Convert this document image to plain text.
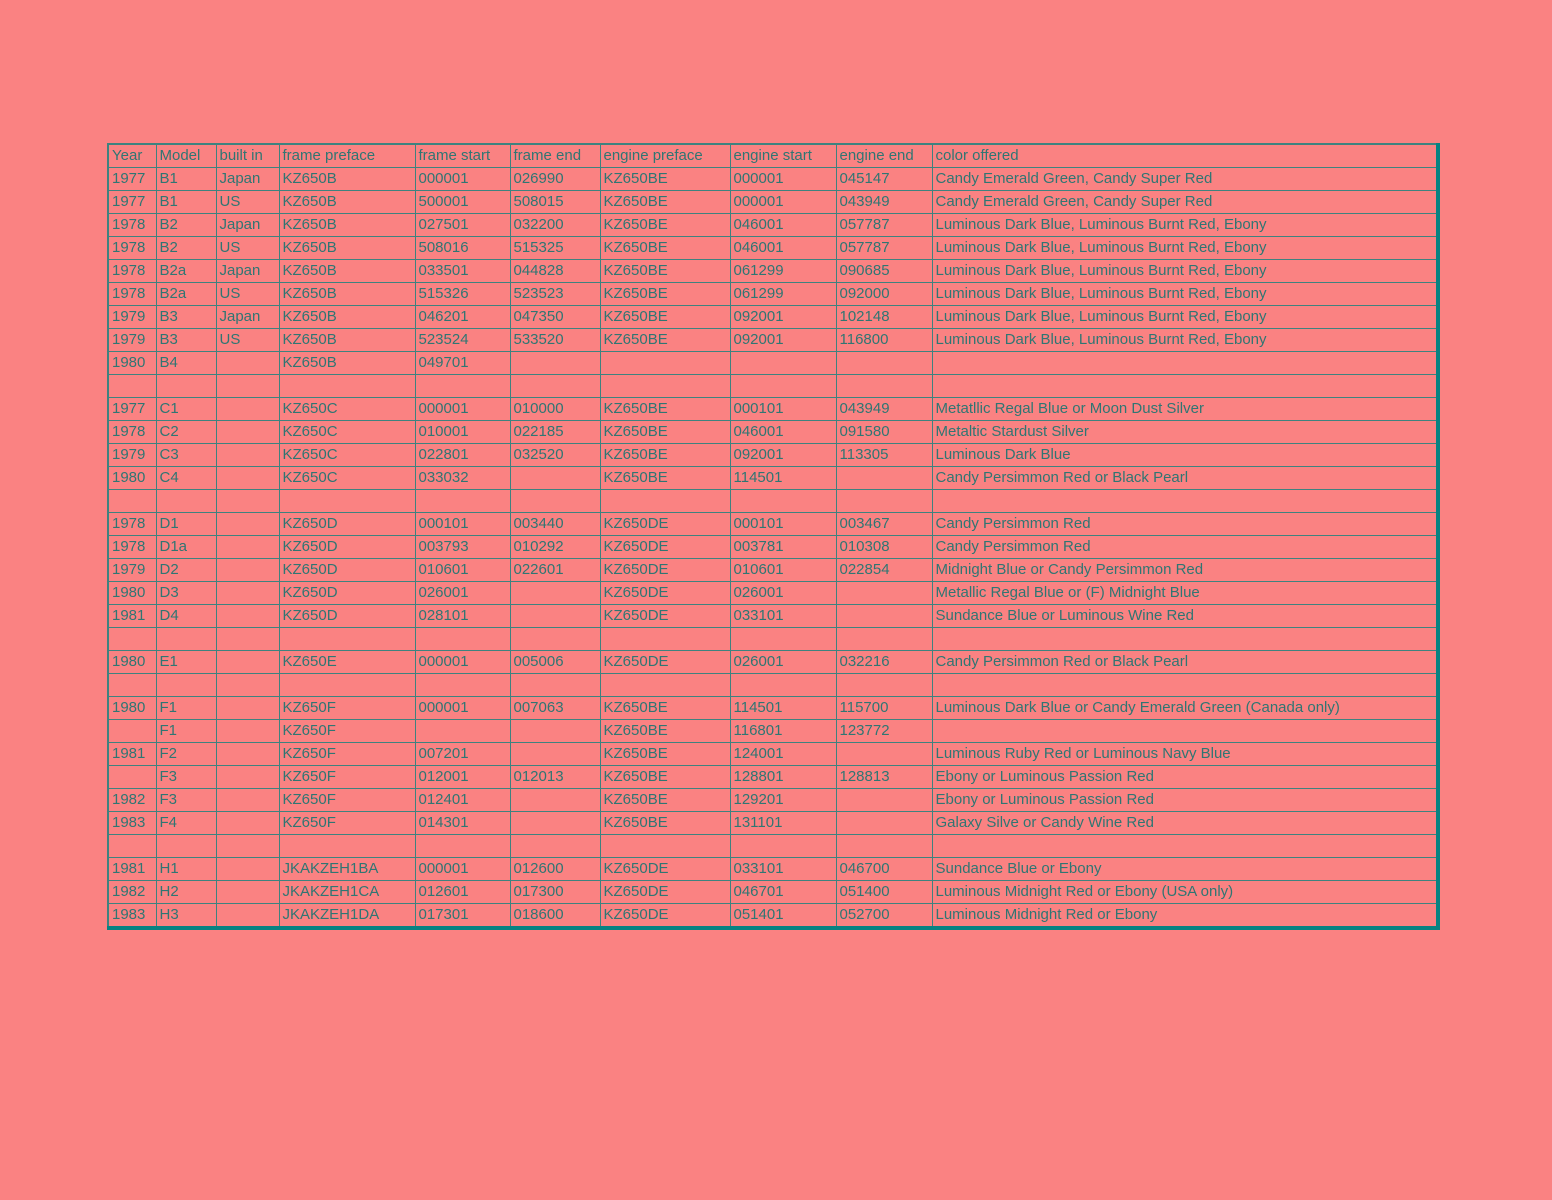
Year	Model	built in	frame preface	frame start	frame end	engine preface	engine start	engine end	color offered
1977	B1	Japan	KZ650B	000001	026990	KZ650BE	000001	045147	Candy Emerald Green, Candy Super Red
1977	B1	US	KZ650B	500001	508015	KZ650BE	000001	043949	Candy Emerald Green, Candy Super Red
1978	B2	Japan	KZ650B	027501	032200	KZ650BE	046001	057787	Luminous Dark Blue, Luminous Burnt Red, Ebony
1978	B2	US	KZ650B	508016	515325	KZ650BE	046001	057787	Luminous Dark Blue, Luminous Burnt Red, Ebony
1978	B2a	Japan	KZ650B	033501	044828	KZ650BE	061299	090685	Luminous Dark Blue, Luminous Burnt Red, Ebony
1978	B2a	US	KZ650B	515326	523523	KZ650BE	061299	092000	Luminous Dark Blue, Luminous Burnt Red, Ebony
1979	B3	Japan	KZ650B	046201	047350	KZ650BE	092001	102148	Luminous Dark Blue, Luminous Burnt Red, Ebony
1979	B3	US	KZ650B	523524	533520	KZ650BE	092001	116800	Luminous Dark Blue, Luminous Burnt Red, Ebony
1980	B4		KZ650B	049701					

1977	C1		KZ650C	000001	010000	KZ650BE	000101	043949	Metatllic Regal Blue or Moon Dust Silver
1978	C2		KZ650C	010001	022185	KZ650BE	046001	091580	Metaltic Stardust Silver
1979	C3		KZ650C	022801	032520	KZ650BE	092001	113305	Luminous Dark Blue
1980	C4		KZ650C	033032		KZ650BE	114501		Candy Persimmon Red or Black Pearl

1978	D1		KZ650D	000101	003440	KZ650DE	000101	003467	Candy Persimmon Red
1978	D1a		KZ650D	003793	010292	KZ650DE	003781	010308	Candy Persimmon Red
1979	D2		KZ650D	010601	022601	KZ650DE	010601	022854	Midnight Blue or Candy Persimmon Red
1980	D3		KZ650D	026001		KZ650DE	026001		Metallic Regal Blue or (F) Midnight Blue
1981	D4		KZ650D	028101		KZ650DE	033101		Sundance Blue or Luminous Wine Red

1980	E1		KZ650E	000001	005006	KZ650DE	026001	032216	Candy Persimmon Red or Black Pearl

1980	F1		KZ650F	000001	007063	KZ650BE	114501	115700	Luminous Dark Blue or Candy Emerald Green (Canada only)
	F1		KZ650F			KZ650BE	116801	123772	
1981	F2		KZ650F	007201		KZ650BE	124001		Luminous Ruby Red or Luminous Navy Blue
	F3		KZ650F	012001	012013	KZ650BE	128801	128813	Ebony or Luminous Passion Red
1982	F3		KZ650F	012401		KZ650BE	129201		Ebony or Luminous Passion Red
1983	F4		KZ650F	014301		KZ650BE	131101		Galaxy Silve or Candy Wine Red

1981	H1		JKAKZEH1BA	000001	012600	KZ650DE	033101	046700	Sundance Blue or Ebony
1982	H2		JKAKZEH1CA	012601	017300	KZ650DE	046701	051400	Luminous Midnight Red or Ebony (USA only)
1983	H3		JKAKZEH1DA	017301	018600	KZ650DE	051401	052700	Luminous Midnight Red or Ebony
